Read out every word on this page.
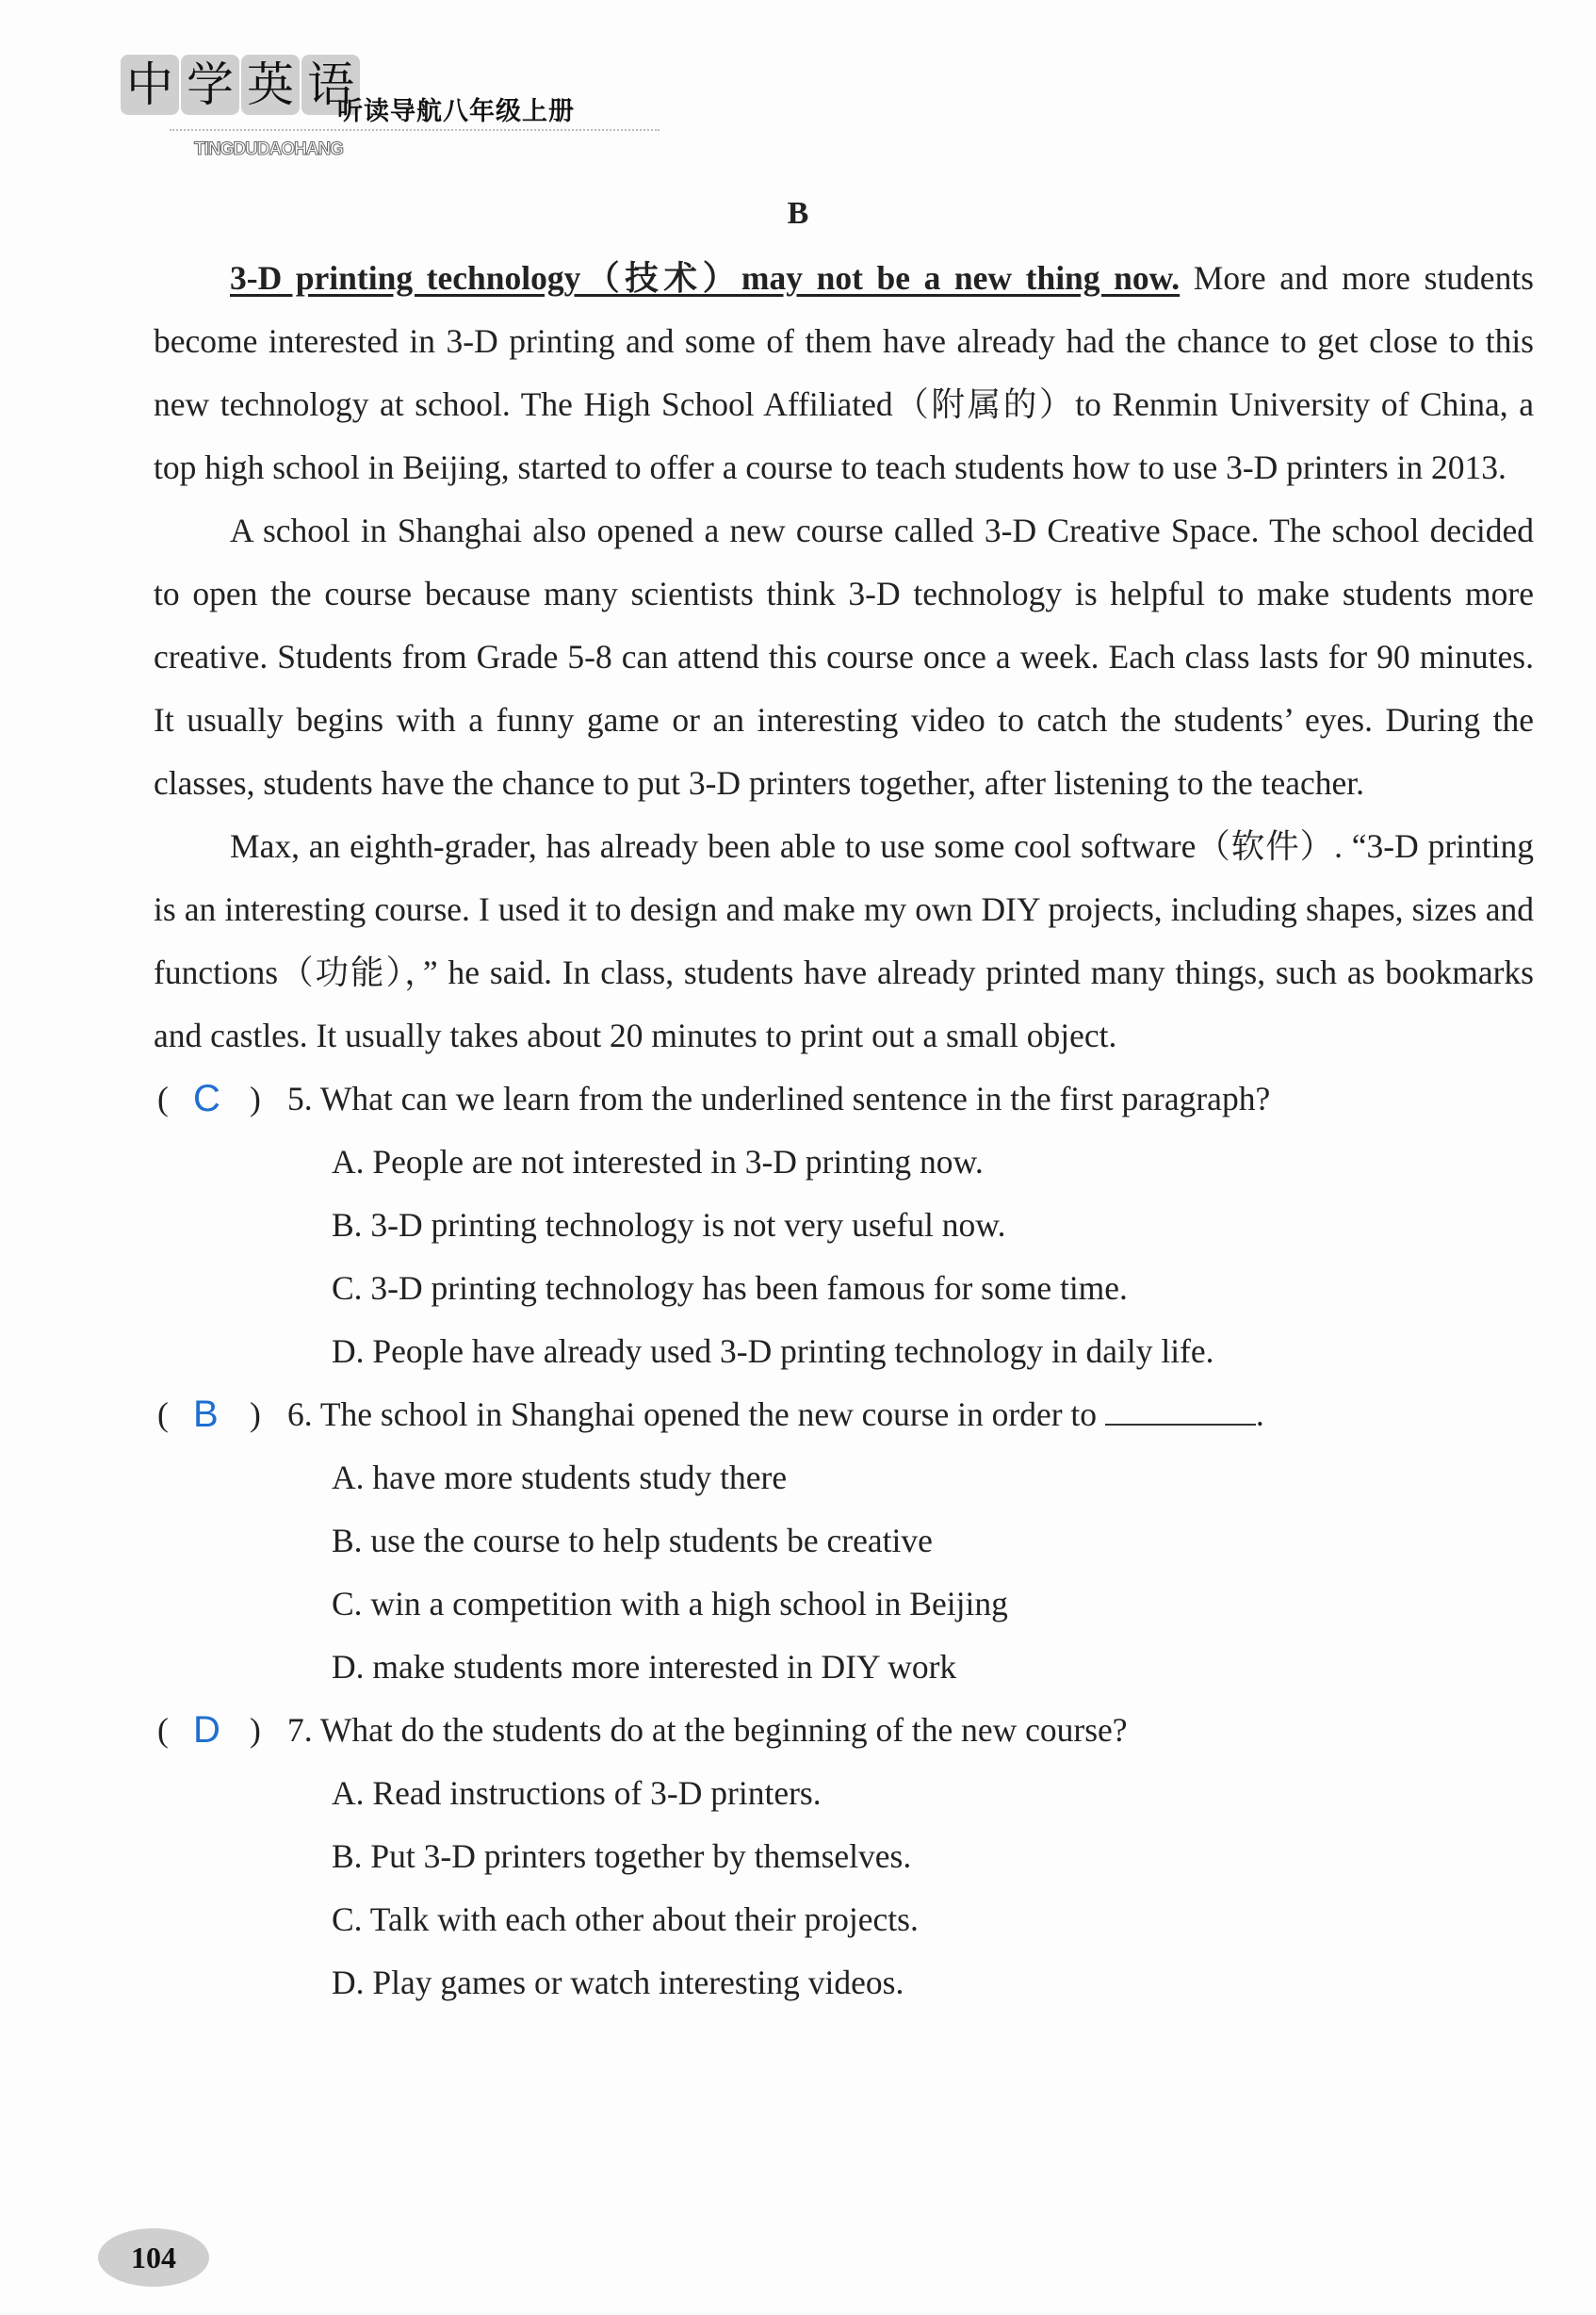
中 学 英 语
听读导航八年级上册
TINGDUDAOHANG
B

3-D printing technology（技术）may not be a new thing now. More and more students become interested in 3-D printing and some of them have already had the chance to get close to this new technology at school. The High School Affiliated（附属的）to Renmin University of China, a top high school in Beijing, started to offer a course to teach students how to use 3-D printers in 2013.

A school in Shanghai also opened a new course called 3-D Creative Space. The school decided to open the course because many scientists think 3-D technology is helpful to make students more creative. Students from Grade 5-8 can attend this course once a week. Each class lasts for 90 minutes. It usually begins with a funny game or an interesting video to catch the students’ eyes. During the classes, students have the chance to put 3-D printers together, after listening to the teacher.

Max, an eighth-grader, has already been able to use some cool software（软件）. “3-D printing is an interesting course. I used it to design and make my own DIY projects, including shapes, sizes and functions（功能），” he said. In class, students have already printed many things, such as bookmarks and castles. It usually takes about 20 minutes to print out a small object.

( C ) 5. What can we learn from the underlined sentence in the first paragraph?
A. People are not interested in 3-D printing now.
B. 3-D printing technology is not very useful now.
C. 3-D printing technology has been famous for some time.
D. People have already used 3-D printing technology in daily life.
( B ) 6. The school in Shanghai opened the new course in order to	.
A. have more students study there
B. use the course to help students be creative
C. win a competition with a high school in Beijing
D. make students more interested in DIY work
( D ) 7. What do the students do at the beginning of the new course?
A. Read instructions of 3-D printers.
B. Put 3-D printers together by themselves.
C. Talk with each other about their projects.
D. Play games or watch interesting videos.
104
